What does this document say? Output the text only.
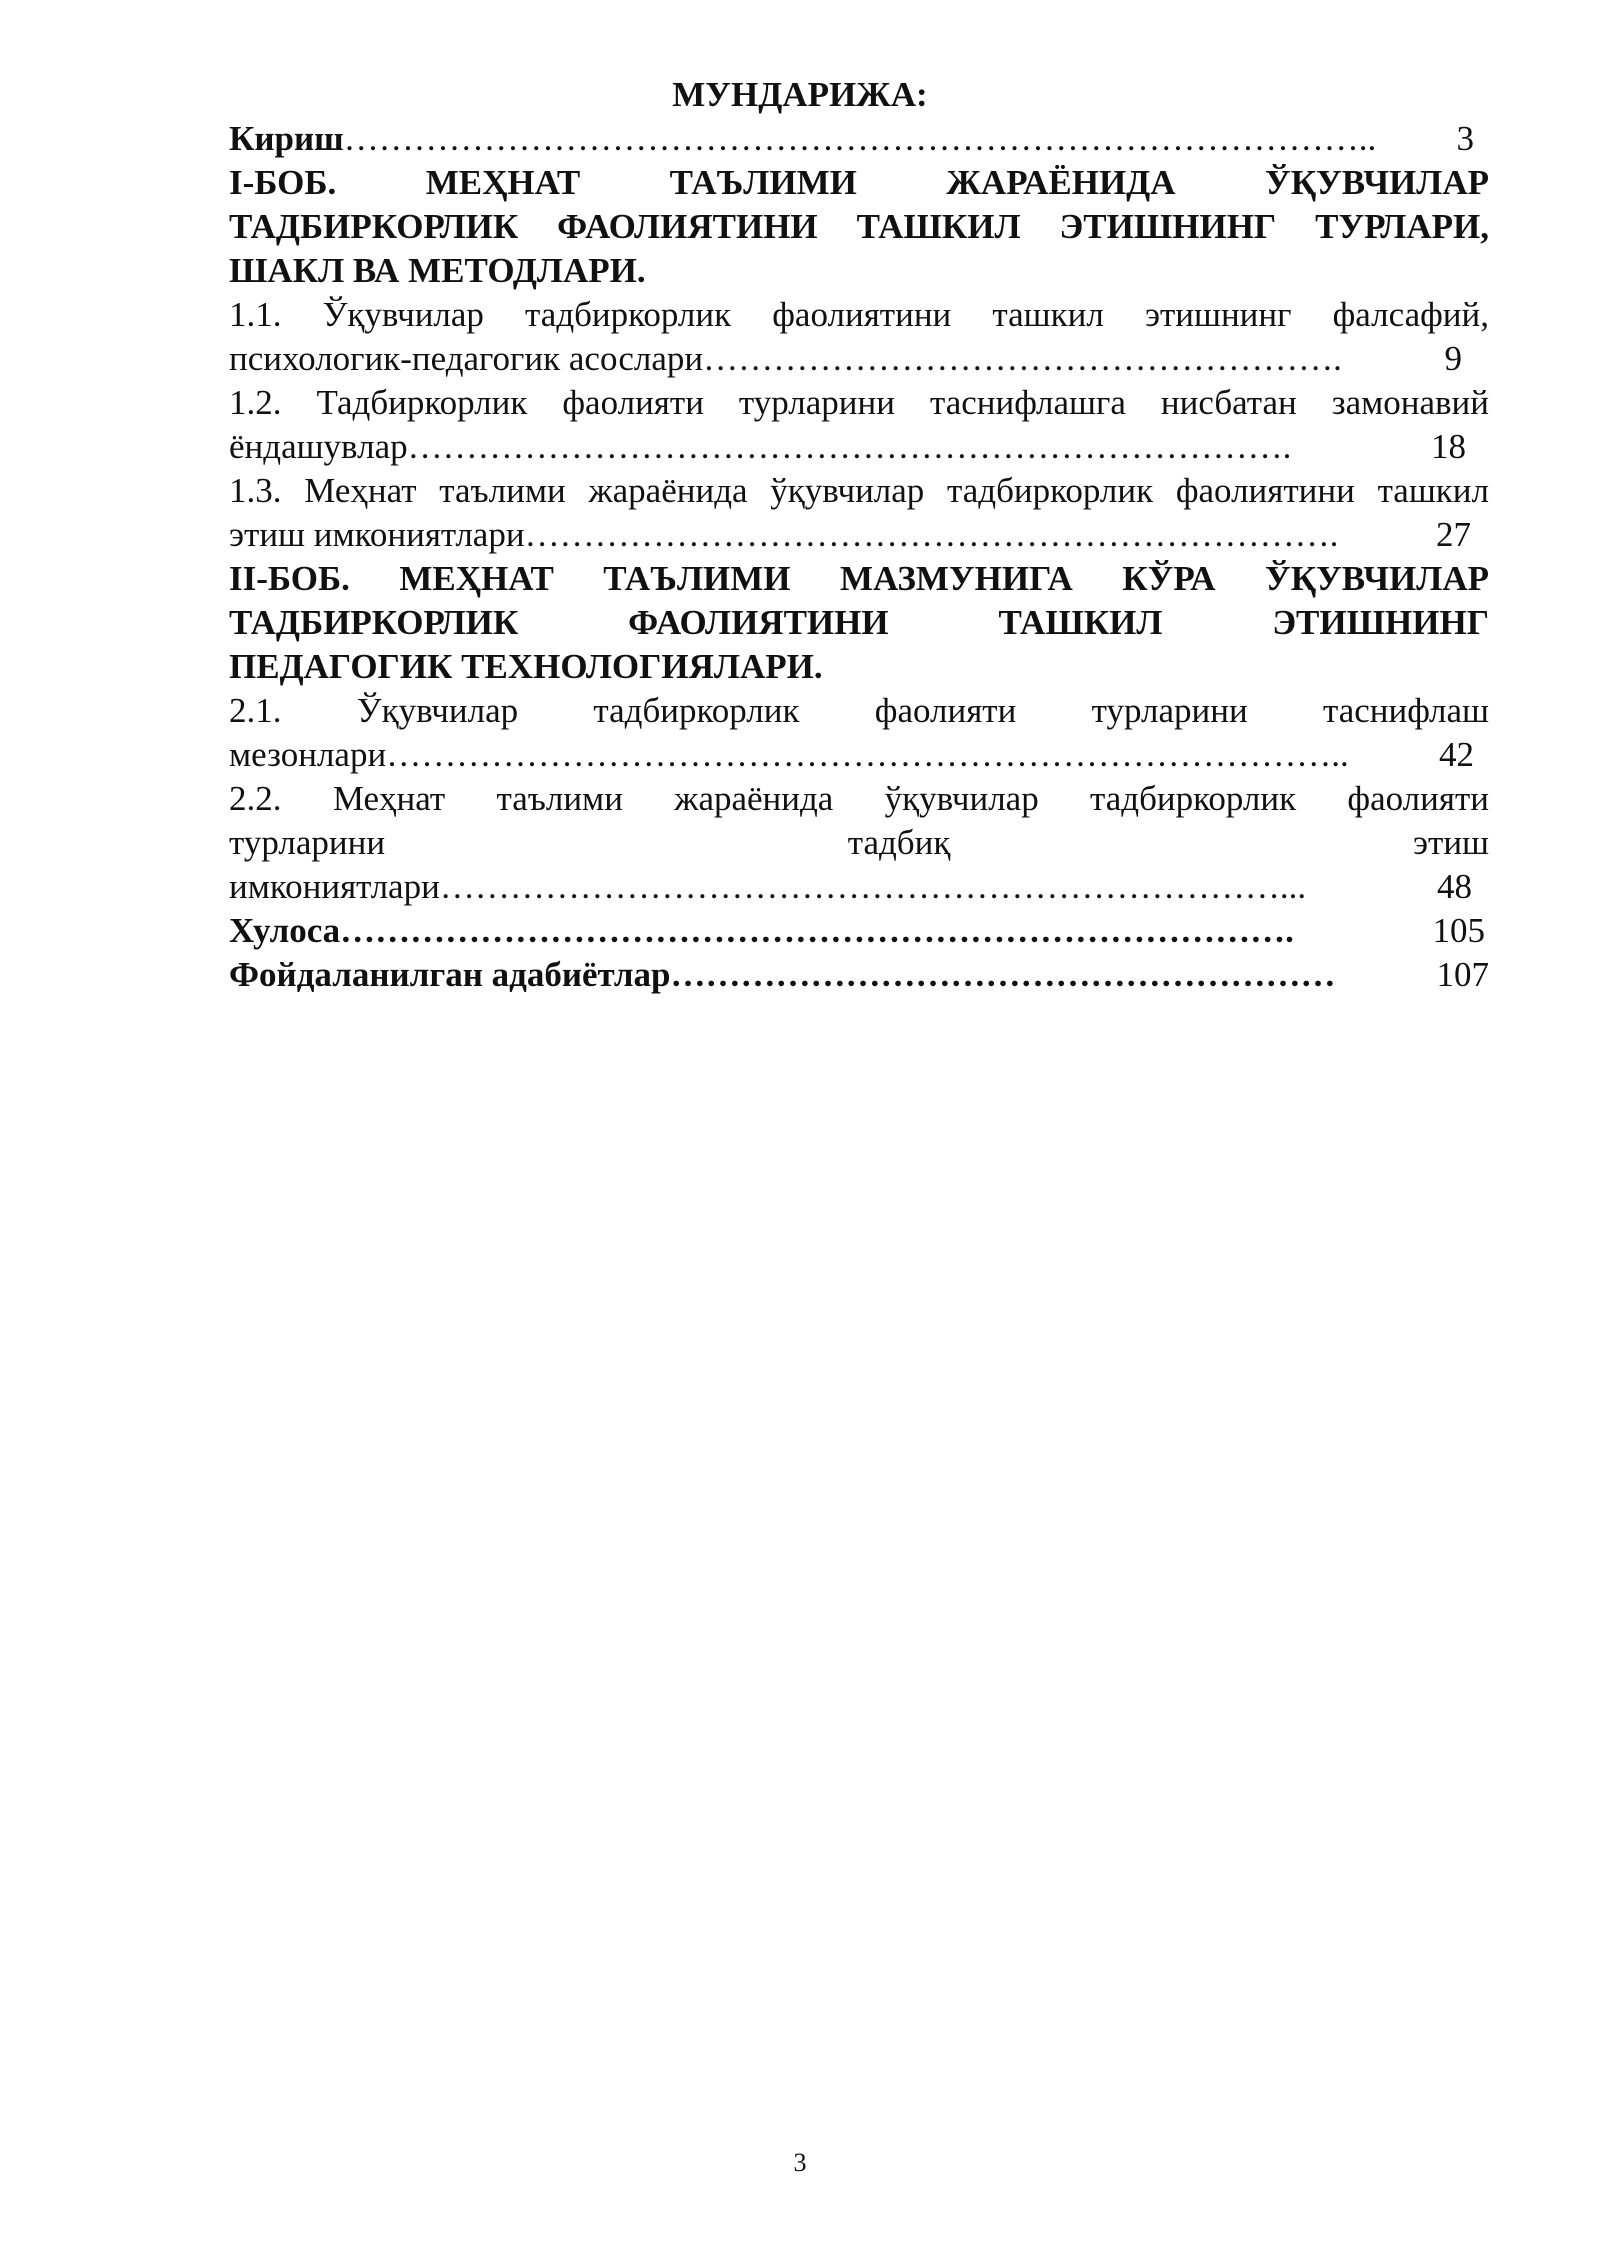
МУНДАРИЖА:
Кириш ……………………………………………………………………………..	3
I-БОБ. МЕҲНАТ ТАЪЛИМИ ЖАРАЁНИДА ЎҚУВЧИЛАР
ТАДБИРКОРЛИК ФАОЛИЯТИНИ ТАШКИЛ ЭТИШНИНГ ТУРЛАРИ,
ШАКЛ ВА МЕТОДЛАРИ.
1.1. Ўқувчилар тадбиркорлик фаолиятини ташкил этишнинг фалсафий,
психологик-педагогик асослари ……………………………………………….	9
1.2. Тадбиркорлик фаолияти турларини таснифлашга нисбатан замонавий
ёндашувлар ………………………………………………………………….	18
1.3. Меҳнат таълими жараёнида ўқувчилар тадбиркорлик фаолиятини ташкил
этиш имкониятлари …………………………………………………………….	27
II-БОБ. МЕҲНАТ ТАЪЛИМИ МАЗМУНИГА КЎРА ЎҚУВЧИЛАР
ТАДБИРКОРЛИК ФАОЛИЯТИНИ ТАШКИЛ ЭТИШНИНГ
ПЕДАГОГИК ТЕХНОЛОГИЯЛАРИ.
2.1. Ўқувчилар тадбиркорлик фаолияти турларини таснифлаш
мезонлари ………………………………………………………………………..	42
2.2. Меҳнат таълими жараёнида ўқувчилар тадбиркорлик фаолияти
турларини тадбиқ этиш
имкониятлари ………………………………………………………………...	48
Хулоса ……………………………………………………………………….	105
Фойдаланилган адабиётлар …………………………………………………	107
3
